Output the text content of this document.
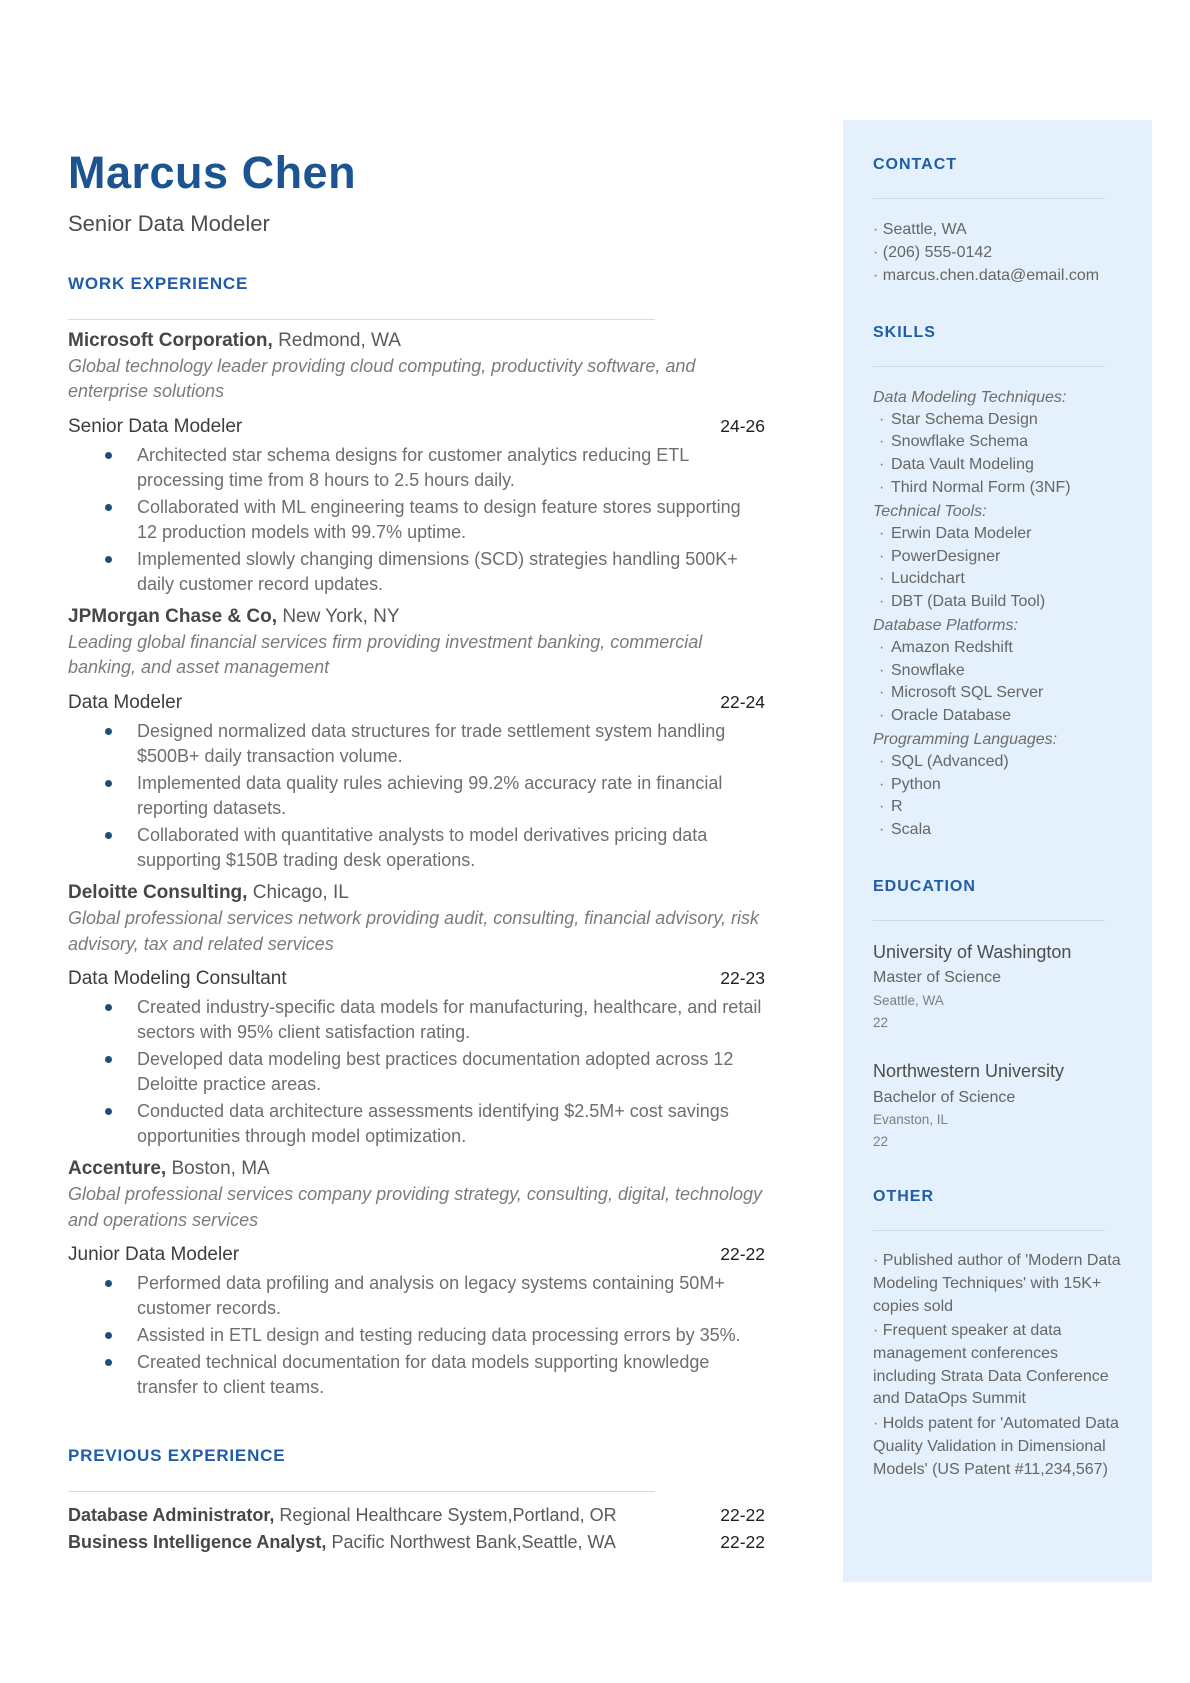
Marcus Chen
Senior Data Modeler
WORK EXPERIENCE
Microsoft Corporation, Redmond, WA
Global technology leader providing cloud computing, productivity software, and enterprise solutions
Senior Data Modeler	24-26
Architected star schema designs for customer analytics reducing ETL processing time from 8 hours to 2.5 hours daily.
Collaborated with ML engineering teams to design feature stores supporting 12 production models with 99.7% uptime.
Implemented slowly changing dimensions (SCD) strategies handling 500K+ daily customer record updates.
JPMorgan Chase & Co, New York, NY
Leading global financial services firm providing investment banking, commercial banking, and asset management
Data Modeler	22-24
Designed normalized data structures for trade settlement system handling $500B+ daily transaction volume.
Implemented data quality rules achieving 99.2% accuracy rate in financial reporting datasets.
Collaborated with quantitative analysts to model derivatives pricing data supporting $150B trading desk operations.
Deloitte Consulting, Chicago, IL
Global professional services network providing audit, consulting, financial advisory, risk advisory, tax and related services
Data Modeling Consultant	22-23
Created industry-specific data models for manufacturing, healthcare, and retail sectors with 95% client satisfaction rating.
Developed data modeling best practices documentation adopted across 12 Deloitte practice areas.
Conducted data architecture assessments identifying $2.5M+ cost savings opportunities through model optimization.
Accenture, Boston, MA
Global professional services company providing strategy, consulting, digital, technology and operations services
Junior Data Modeler	22-22
Performed data profiling and analysis on legacy systems containing 50M+ customer records.
Assisted in ETL design and testing reducing data processing errors by 35%.
Created technical documentation for data models supporting knowledge transfer to client teams.
PREVIOUS EXPERIENCE
Database Administrator, Regional Healthcare System,Portland, OR	22-22
Business Intelligence Analyst, Pacific Northwest Bank,Seattle, WA	22-22
CONTACT
· Seattle, WA
· (206) 555-0142
· marcus.chen.data@email.com
SKILLS
Data Modeling Techniques:
· Star Schema Design
· Snowflake Schema
· Data Vault Modeling
· Third Normal Form (3NF)
Technical Tools:
· Erwin Data Modeler
· PowerDesigner
· Lucidchart
· DBT (Data Build Tool)
Database Platforms:
· Amazon Redshift
· Snowflake
· Microsoft SQL Server
· Oracle Database
Programming Languages:
· SQL (Advanced)
· Python
· R
· Scala
EDUCATION
University of Washington
Master of Science
Seattle, WA
22
Northwestern University
Bachelor of Science
Evanston, IL
22
OTHER
· Published author of 'Modern Data Modeling Techniques' with 15K+ copies sold
· Frequent speaker at data management conferences including Strata Data Conference and DataOps Summit
· Holds patent for 'Automated Data Quality Validation in Dimensional Models' (US Patent #11,234,567)
